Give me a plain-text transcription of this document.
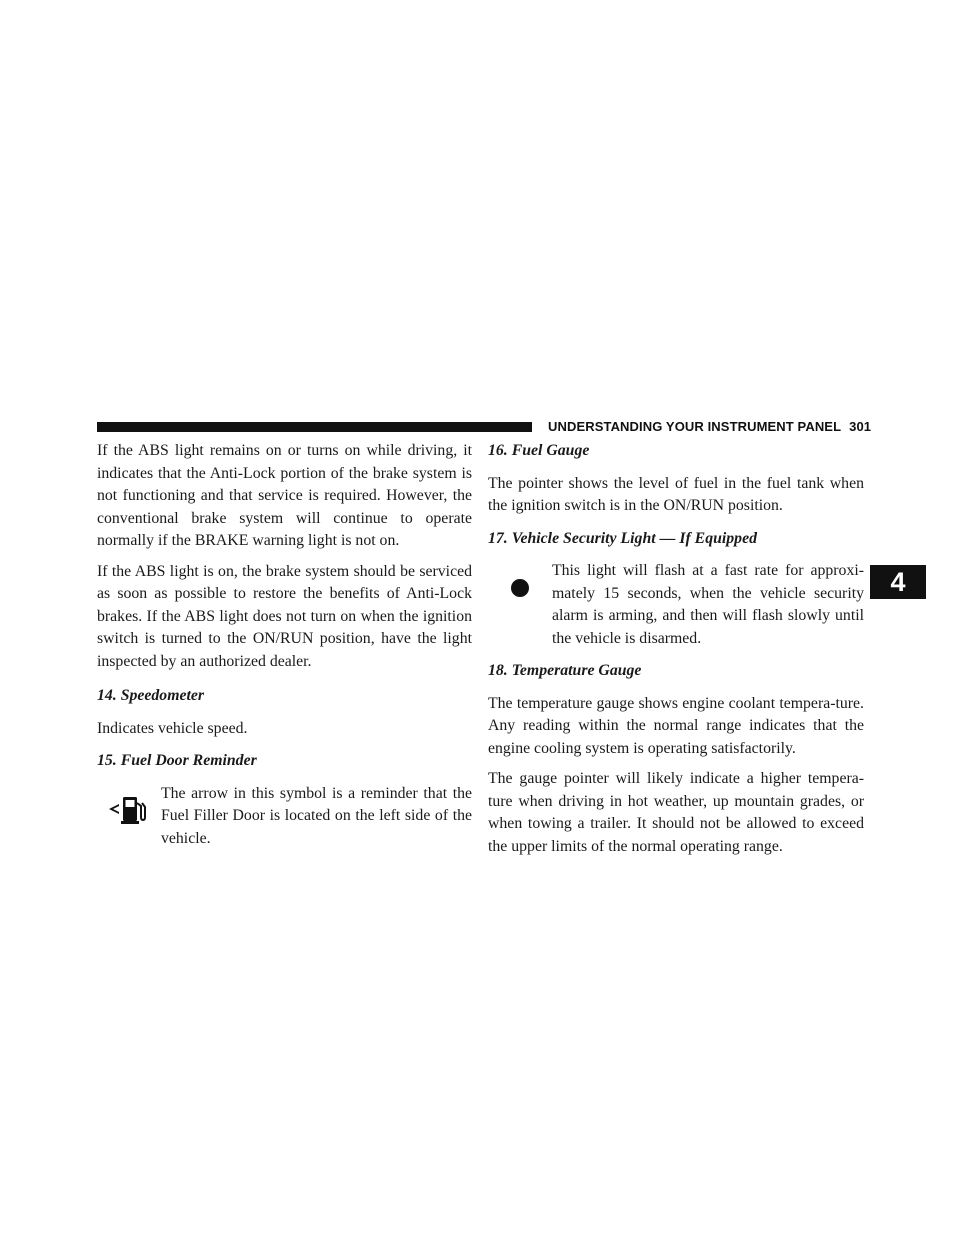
UNDERSTANDING YOUR INSTRUMENT PANEL 301
4

If the ABS light remains on or turns on while driving, it indicates that the Anti-Lock portion of the brake system is not functioning and that service is required. However, the conventional brake system will continue to operate normally if the BRAKE warning light is not on.

If the ABS light is on, the brake system should be serviced as soon as possible to restore the benefits of Anti-Lock brakes. If the ABS light does not turn on when the ignition switch is turned to the ON/RUN position, have the light inspected by an authorized dealer.

14. Speedometer

Indicates vehicle speed.

15. Fuel Door Reminder

The arrow in this symbol is a reminder that the Fuel Filler Door is located on the left side of the vehicle.

16. Fuel Gauge

The pointer shows the level of fuel in the fuel tank when the ignition switch is in the ON/RUN position.

17. Vehicle Security Light — If Equipped

This light will flash at a fast rate for approxi-mately 15 seconds, when the vehicle security alarm is arming, and then will flash slowly until the vehicle is disarmed.

18. Temperature Gauge

The temperature gauge shows engine coolant tempera-ture. Any reading within the normal range indicates that the engine cooling system is operating satisfactorily.

The gauge pointer will likely indicate a higher tempera-ture when driving in hot weather, up mountain grades, or when towing a trailer. It should not be allowed to exceed the upper limits of the normal operating range.
